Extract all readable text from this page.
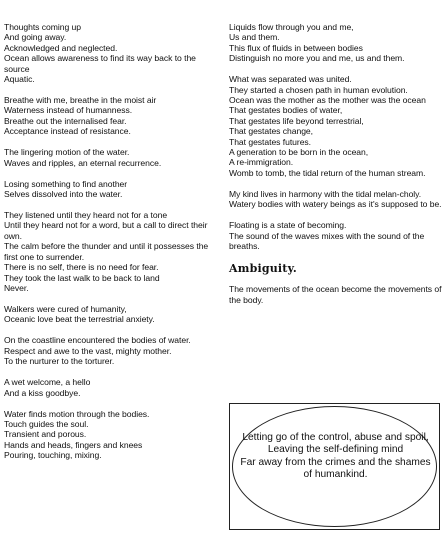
Thoughts coming up
And going away.
Acknowledged and neglected.
Ocean allows awareness to find its way back to the source
Aquatic.
Breathe with me, breathe in the moist air
Waterness instead of humanness.
Breathe out the internalised fear.
Acceptance instead of resistance.
The lingering motion of the water.
Waves and ripples, an eternal recurrence.
Losing something to find another
Selves dissolved into the water.
They listened until they heard not for a tone
Until they heard not for a word, but a call to direct their own.
The calm before the thunder and until it possesses the first one to surrender.
There is no self, there is no need for fear.
They took the last walk to be back to land
Never.
Walkers were cured of humanity,
Oceanic love beat the terrestrial anxiety.
On the coastline encountered the bodies of water.
Respect and awe to the vast, mighty mother.
To the nurturer to the torturer.
A wet welcome, a hello
And a kiss goodbye.
Water finds motion through the bodies.
Touch guides the soul.
Transient and porous.
Hands and heads, fingers and knees
Pouring, touching, mixing.
Liquids flow through you and me,
Us and them.
This flux of fluids in between bodies
Distinguish no more you and me, us and them.
What was separated was united.
They started a chosen path in human evolution.
Ocean was the mother as the mother was the ocean
That gestates bodies of water,
That gestates life beyond terrestrial,
That gestates change,
That gestates futures.
A generation to be born in the ocean,
A re-immigration.
Womb to tomb, the tidal return of the human stream.
My kind lives in harmony with the tidal melan-choly.
Watery bodies with watery beings as it's supposed to be.
Floating is a state of becoming.
The sound of the waves mixes with the sound of the breaths.
Ambiguity.
The movements of the ocean become the movements of the body.
Letting go of the control, abuse and spoil,
Leaving the self-defining mind
Far away from the crimes and the shames of humankind.
